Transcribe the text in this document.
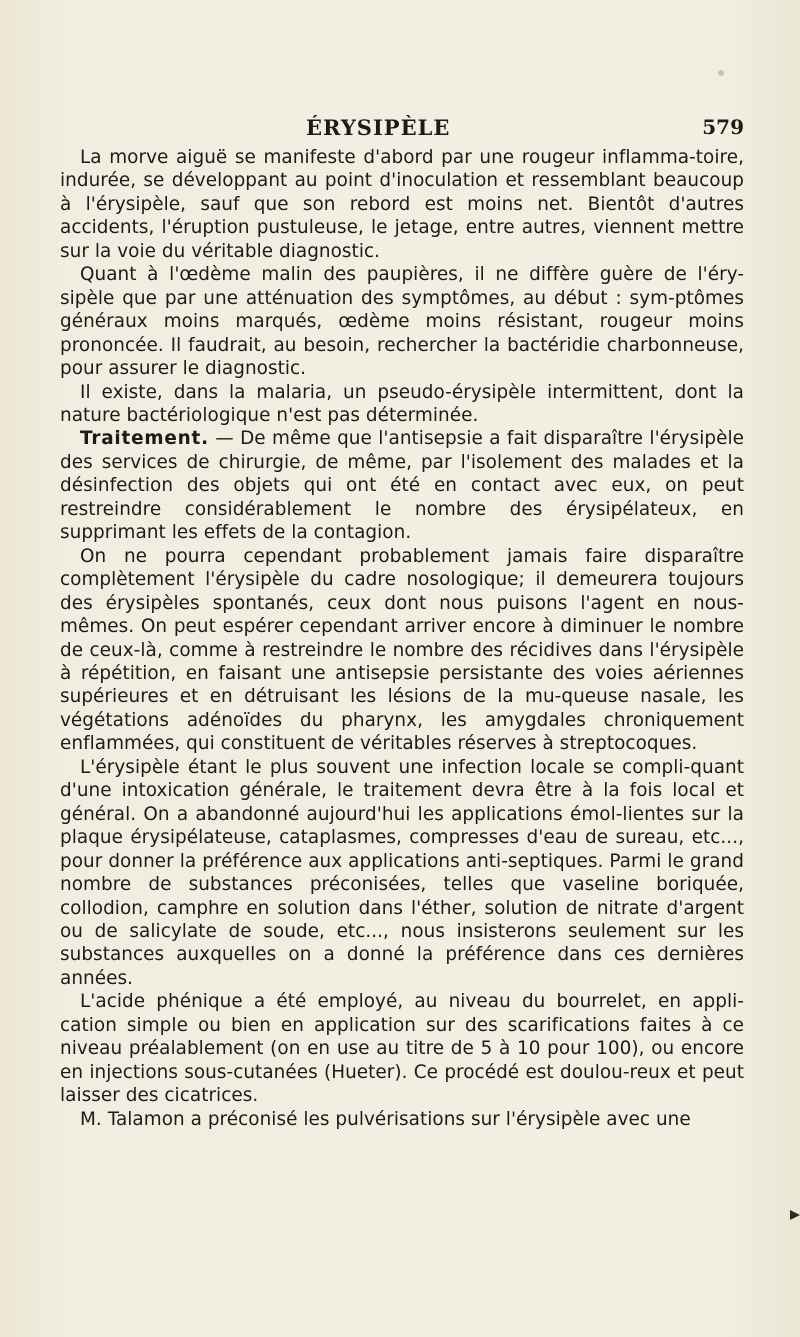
ÉRYSIPÈLE	579

La morve aiguë se manifeste d'abord par une rougeur inflamma-toire, indurée, se développant au point d'inoculation et ressemblant beaucoup à l'érysipèle, sauf que son rebord est moins net. Bientôt d'autres accidents, l'éruption pustuleuse, le jetage, entre autres, viennent mettre sur la voie du véritable diagnostic.

Quant à l'œdème malin des paupières, il ne diffère guère de l'éry-sipèle que par une atténuation des symptômes, au début : sym-ptômes généraux moins marqués, œdème moins résistant, rougeur moins prononcée. Il faudrait, au besoin, rechercher la bactéridie charbonneuse, pour assurer le diagnostic.

Il existe, dans la malaria, un pseudo-érysipèle intermittent, dont la nature bactériologique n'est pas déterminée.

Traitement. — De même que l'antisepsie a fait disparaître l'érysipèle des services de chirurgie, de même, par l'isolement des malades et la désinfection des objets qui ont été en contact avec eux, on peut restreindre considérablement le nombre des érysipélateux, en supprimant les effets de la contagion.

On ne pourra cependant probablement jamais faire disparaître complètement l'érysipèle du cadre nosologique; il demeurera toujours des érysipèles spontanés, ceux dont nous puisons l'agent en nous-mêmes. On peut espérer cependant arriver encore à diminuer le nombre de ceux-là, comme à restreindre le nombre des récidives dans l'érysipèle à répétition, en faisant une antisepsie persistante des voies aériennes supérieures et en détruisant les lésions de la mu-queuse nasale, les végétations adénoïdes du pharynx, les amygdales chroniquement enflammées, qui constituent de véritables réserves à streptocoques.

L'érysipèle étant le plus souvent une infection locale se compli-quant d'une intoxication générale, le traitement devra être à la fois local et général. On a abandonné aujourd'hui les applications émol-lientes sur la plaque érysipélateuse, cataplasmes, compresses d'eau de sureau, etc..., pour donner la préférence aux applications anti-septiques. Parmi le grand nombre de substances préconisées, telles que vaseline boriquée, collodion, camphre en solution dans l'éther, solution de nitrate d'argent ou de salicylate de soude, etc..., nous insisterons seulement sur les substances auxquelles on a donné la préférence dans ces dernières années.

L'acide phénique a été employé, au niveau du bourrelet, en appli-cation simple ou bien en application sur des scarifications faites à ce niveau préalablement (on en use au titre de 5 à 10 pour 100), ou encore en injections sous-cutanées (Hueter). Ce procédé est doulou-reux et peut laisser des cicatrices.

M. Talamon a préconisé les pulvérisations sur l'érysipèle avec une
